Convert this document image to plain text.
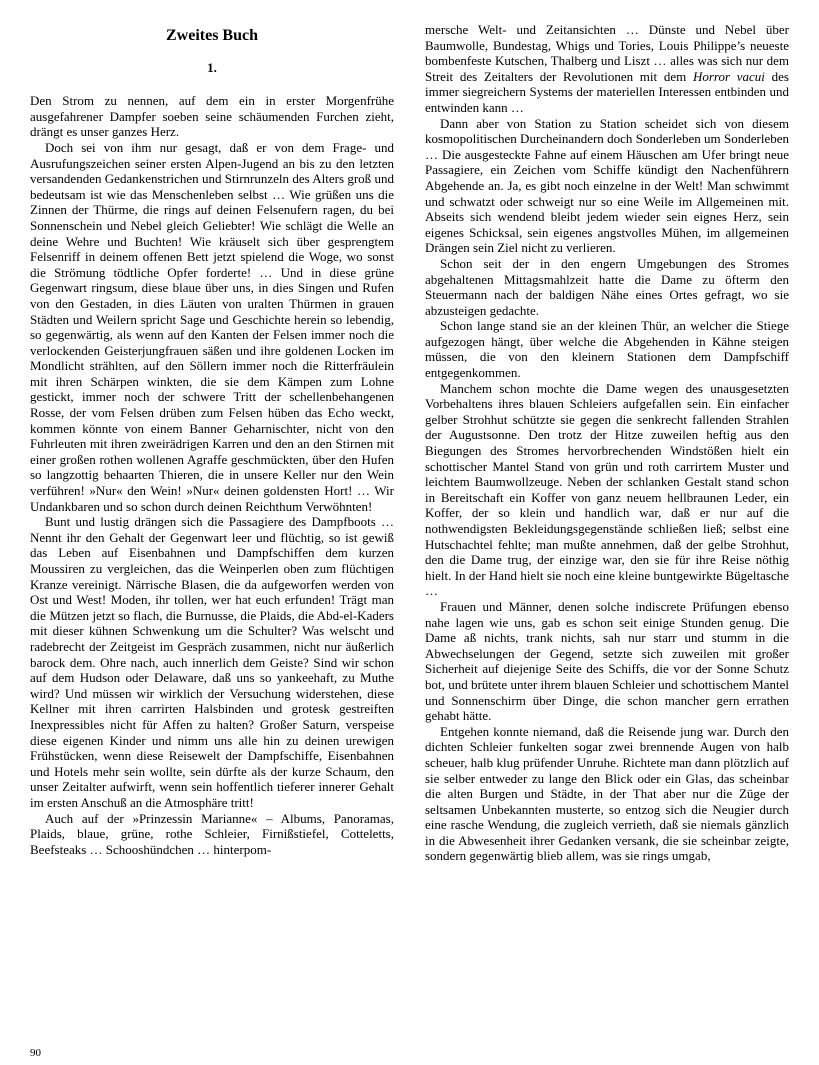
Zweites Buch
1.

Den Strom zu nennen, auf dem ein in erster Morgenfrühe ausgefahrener Dampfer soeben seine schäumenden Furchen zieht, drängt es unser ganzes Herz.

Doch sei von ihm nur gesagt, daß er von dem Frage- und Ausrufungszeichen seiner ersten Alpen-Jugend an bis zu den letzten versandenden Gedankenstrichen und Stirnrunzeln des Alters groß und bedeutsam ist wie das Menschenleben selbst … Wie grüßen uns die Zinnen der Thürme, die rings auf deinen Felsenufern ragen, du bei Sonnenschein und Nebel gleich Geliebter! Wie schlägt die Welle an deine Wehre und Buchten! Wie kräuselt sich über gesprengtem Felsenriff in deinem offenen Bett jetzt spielend die Woge, wo sonst die Strömung tödtliche Opfer forderte! … Und in diese grüne Gegenwart ringsum, diese blaue über uns, in dies Singen und Rufen von den Gestaden, in dies Läuten von uralten Thürmen in grauen Städten und Weilern spricht Sage und Geschichte herein so lebendig, so gegenwärtig, als wenn auf den Kanten der Felsen immer noch die verlockenden Geisterjungfrauen säßen und ihre goldenen Locken im Mondlicht strählten, auf den Söllern immer noch die Ritterfräulein mit ihren Schärpen winkten, die sie dem Kämpen zum Lohne gestickt, immer noch der schwere Tritt der schellenbehangenen Rosse, der vom Felsen drüben zum Felsen hüben das Echo weckt, kommen könnte von einem Banner Geharnischter, nicht von den Fuhrleuten mit ihren zweirädrigen Karren und den an den Stirnen mit einer großen rothen wollenen Agraffe geschmückten, über den Hufen so langzottig behaarten Thieren, die in unsere Keller nur den Wein verführen! »Nur« den Wein! »Nur« deinen goldensten Hort! … Wir Undankbaren und so schon durch deinen Reichthum Verwöhnten!

Bunt und lustig drängen sich die Passagiere des Dampfboots … Nennt ihr den Gehalt der Gegenwart leer und flüchtig, so ist gewiß das Leben auf Eisenbahnen und Dampfschiffen dem kurzen Moussiren zu vergleichen, das die Weinperlen oben zum flüchtigen Kranze vereinigt. Närrische Blasen, die da aufgeworfen werden von Ost und West! Moden, ihr tollen, wer hat euch erfunden! Trägt man die Mützen jetzt so flach, die Burnusse, die Plaids, die Abd-el-Kaders mit dieser kühnen Schwenkung um die Schulter? Was welscht und radebrecht der Zeitgeist im Gespräch zusammen, nicht nur äußerlich barock dem. Ohre nach, auch innerlich dem Geiste? Sind wir schon auf dem Hudson oder Delaware, daß uns so yankeehaft, zu Muthe wird? Und müssen wir wirklich der Versuchung widerstehen, diese Kellner mit ihren carrirten Halsbinden und grotesk gestreiften Inexpressibles nicht für Affen zu halten? Großer Saturn, verspeise diese eigenen Kinder und nimm uns alle hin zu deinen urewigen Frühstücken, wenn diese Reisewelt der Dampfschiffe, Eisenbahnen und Hotels mehr sein wollte, sein dürfte als der kurze Schaum, den unser Zeitalter aufwirft, wenn sein hoffentlich tieferer innerer Gehalt im ersten Anschuß an die Atmosphäre tritt!

Auch auf der »Prinzessin Marianne« – Albums, Panoramas, Plaids, blaue, grüne, rothe Schleier, Firnißstiefel, Cotteletts, Beefsteaks … Schooshündchen … hinterpom-

mersche Welt- und Zeitansichten … Dünste und Nebel über Baumwolle, Bundestag, Whigs und Tories, Louis Philippe’s neueste bombenfeste Kutschen, Thalberg und Liszt … alles was sich nur dem Streit des Zeitalters der Revolutionen mit dem Horror vacui des immer siegreichern Systems der materiellen Interessen entbinden und entwinden kann …

Dann aber von Station zu Station scheidet sich von diesem kosmopolitischen Durcheinandern doch Sonderleben um Sonderleben … Die ausgesteckte Fahne auf einem Häuschen am Ufer bringt neue Passagiere, ein Zeichen vom Schiffe kündigt den Nachenführern Abgehende an. Ja, es gibt noch einzelne in der Welt! Man schwimmt und schwatzt oder schweigt nur so eine Weile im Allgemeinen mit. Abseits sich wendend bleibt jedem wieder sein eignes Herz, sein eigenes Schicksal, sein eigenes angstvolles Mühen, im allgemeinen Drängen sein Ziel nicht zu verlieren.

Schon seit der in den engern Umgebungen des Stromes abgehaltenen Mittagsmahlzeit hatte die Dame zu öfterm den Steuermann nach der baldigen Nähe eines Ortes gefragt, wo sie abzusteigen gedachte.

Schon lange stand sie an der kleinen Thür, an welcher die Stiege aufgezogen hängt, über welche die Abgehenden in Kähne steigen müssen, die von den kleinern Stationen dem Dampfschiff entgegenkommen.

Manchem schon mochte die Dame wegen des unausgesetzten Vorbehaltens ihres blauen Schleiers aufgefallen sein. Ein einfacher gelber Strohhut schützte sie gegen die senkrecht fallenden Strahlen der Augustsonne. Den trotz der Hitze zuweilen heftig aus den Biegungen des Stromes hervorbrechenden Windstößen hielt ein schottischer Mantel Stand von grün und roth carrirtem Muster und leichtem Baumwollzeuge. Neben der schlanken Gestalt stand schon in Bereitschaft ein Koffer von ganz neuem hellbraunen Leder, ein Koffer, der so klein und handlich war, daß er nur auf die nothwendigsten Bekleidungsgegenstände schließen ließ; selbst eine Hutschachtel fehlte; man mußte annehmen, daß der gelbe Strohhut, den die Dame trug, der einzige war, den sie für ihre Reise nöthig hielt. In der Hand hielt sie noch eine kleine buntgewirkte Bügeltasche …

Frauen und Männer, denen solche indiscrete Prüfungen ebenso nahe lagen wie uns, gab es schon seit einige Stunden genug. Die Dame aß nichts, trank nichts, sah nur starr und stumm in die Abwechselungen der Gegend, setzte sich zuweilen mit großer Sicherheit auf diejenige Seite des Schiffs, die vor der Sonne Schutz bot, und brütete unter ihrem blauen Schleier und schottischem Mantel und Sonnenschirm über Dinge, die schon mancher gern errathen gehabt hätte.

Entgehen konnte niemand, daß die Reisende jung war. Durch den dichten Schleier funkelten sogar zwei brennende Augen von halb scheuer, halb klug prüfender Unruhe. Richtete man dann plötzlich auf sie selber entweder zu lange den Blick oder ein Glas, das scheinbar die alten Burgen und Städte, in der That aber nur die Züge der seltsamen Unbekannten musterte, so entzog sich die Neugier durch eine rasche Wendung, die zugleich verrieth, daß sie niemals gänzlich in die Abwesenheit ihrer Gedanken versank, die sie scheinbar zeigte, sondern gegenwärtig blieb allem, was sie rings umgab,

90
